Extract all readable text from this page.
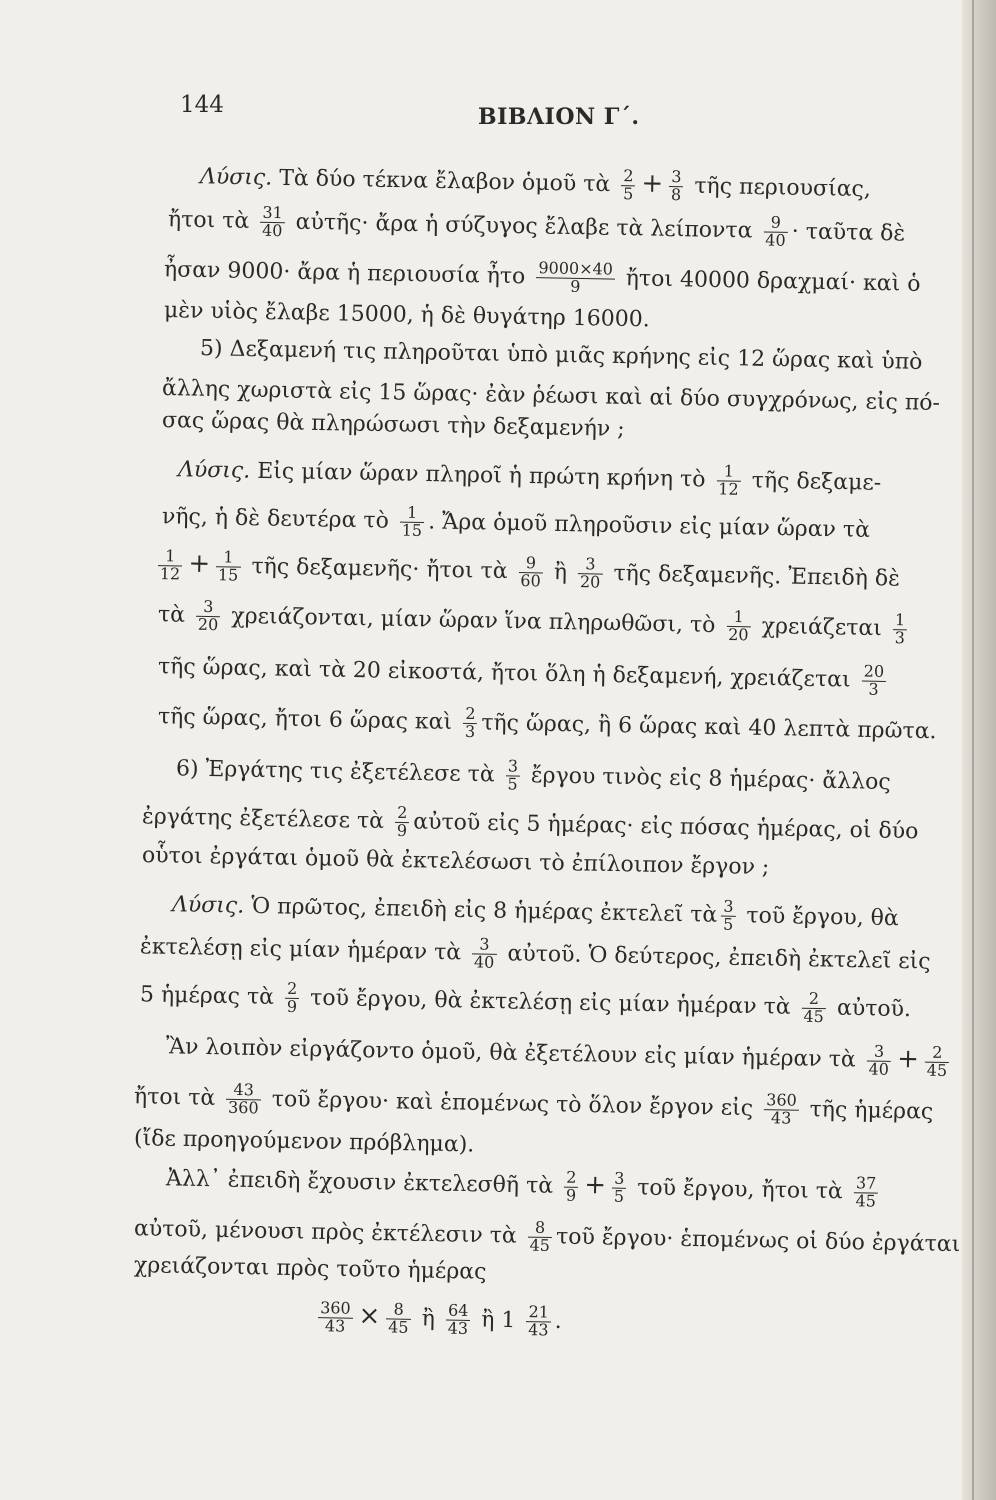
144	ΒΙΒΛΙΟΝ Γ΄.
Λύσις. Τὰ δύο τέκνα ἔλαβον ὁμοῦ τὰ $\frac{2}{5} + \frac{3}{8}$ τῆς περιουσίας,
ἤτοι τὰ $\frac{31}{40}$ αὐτῆς· ἄρα ἡ σύζυγος ἔλαβε τὰ λείποντα $\frac{9}{40}$ · ταῦτα δὲ
ἦσαν 9000· ἄρα ἡ περιουσία ἦτο $\frac{9000\times 40}{9}$ ἤτοι 40000 δραχμαί· καὶ ὁ
μὲν υἱὸς ἔλαβε 15000, ἡ δὲ θυγάτηρ 16000.
5) Δεξαμενή τις πληροῦται ὑπὸ μιᾶς κρήνης εἰς 12 ὥρας καὶ ὑπὸ
ἄλλης χωριστὰ εἰς 15 ὥρας· ἐὰν ῥέωσι καὶ αἱ δύο συγχρόνως, εἰς πό-
σας ὥρας θὰ πληρώσωσι τὴν δεξαμενήν ;
Λύσις. Εἰς μίαν ὥραν πληροῖ ἡ πρώτη κρήνη τὸ $\frac{1}{12}$ τῆς δεξαμε-
νῆς, ἡ δὲ δευτέρα τὸ $\frac{1}{15}$ . Ἄρα ὁμοῦ πληροῦσιν εἰς μίαν ὥραν τὰ
$\frac{1}{12} + \frac{1}{15}$ τῆς δεξαμενῆς· ἤτοι τὰ $\frac{9}{60}$ ἢ $\frac{3}{20}$ τῆς δεξαμενῆς. Ἐπειδὴ δὲ
τὰ $\frac{3}{20} \chi\rho\varepsilon\iota ά\zeta o\nu\tau\alpha\iota$, μίαν ὥραν ἵνα πληρωθῶσι, τὸ $\frac{1}{20}$ χρειάζεται $\frac{1}{3}$
τῆς ὥρας, καὶ τὰ 20 εἰκοστά, ἤτοι ὅλη ἡ δεξαμενή, χρειάζεται $\frac{20}{3}$
τῆς ὥρας, ἤτοι 6 ὥρας καὶ $\frac{2}{3}$ τῆς ὥρας, ἢ 6 ὥρας καὶ 40 λεπτὰ πρῶτα.
6) Ἐργάτης τις ἐξετέλεσε τὰ $\frac{3}{5}$ ἔργου τινὸς εἰς 8 ἡμέρας· ἄλλος
ἐργάτης ἐξετέλεσε τὰ $\frac{2}{9}$ αὐτοῦ εἰς 5 ἡμέρας· εἰς πόσας ἡμέρας, οἱ δύο
οὗτοι ἐργάται ὁμοῦ θὰ ἐκτελέσωσι τὸ ἐπίλοιπον ἔργον ;
Λύσις. Ὁ πρῶτος, ἐπειδὴ εἰς 8 ἡμέρας ἐκτελεῖ τὰ $\frac{3}{5}$ τοῦ ἔργου, θὰ
ἐκτελέσῃ εἰς μίαν ἡμέραν τὰ $\frac{3}{40}$ αὐτοῦ. Ὁ δεύτερος, ἐπειδὴ ἐκτελεῖ εἰς
5 ἡμέρας τὰ $\frac{2}{9}$ τοῦ ἔργου, θὰ ἐκτελέσῃ εἰς μίαν ἡμέραν τὰ $\frac{2}{45}$ αὐτοῦ.
Ἂν λοιπὸν εἰργάζοντο ὁμοῦ, θὰ ἐξετέλουν εἰς μίαν ἡμέραν τὰ $\frac{3}{40} + \frac{2}{45}$
ἤτοι τὰ $\frac{43}{360}$ τοῦ ἔργου· καὶ ἑπομένως τὸ ὅλον ἔργον εἰς $\frac{360}{43}$ τῆς ἡμέρας
(ἴδε προηγούμενον πρόβλημα).
Ἀλλ᾽ ἐπειδὴ ἔχουσιν ἐκτελεσθῆ τὰ $\frac{2}{9} + \frac{3}{5}$ τοῦ ἔργου, ἤτοι τὰ $\frac{37}{45}$
αὐτοῦ, μένουσι πρὸς ἐκτέλεσιν τὰ $\frac{8}{45}$ τοῦ ἔργου· ἑπομένως οἱ δύο ἐργάται
χρειάζονται πρὸς τοῦτο ἡμέρας
$\frac{360}{43} \times \frac{8}{45}$ ἢ $\frac{64}{43}$ ἢ $1 \frac{21}{43}$ .
